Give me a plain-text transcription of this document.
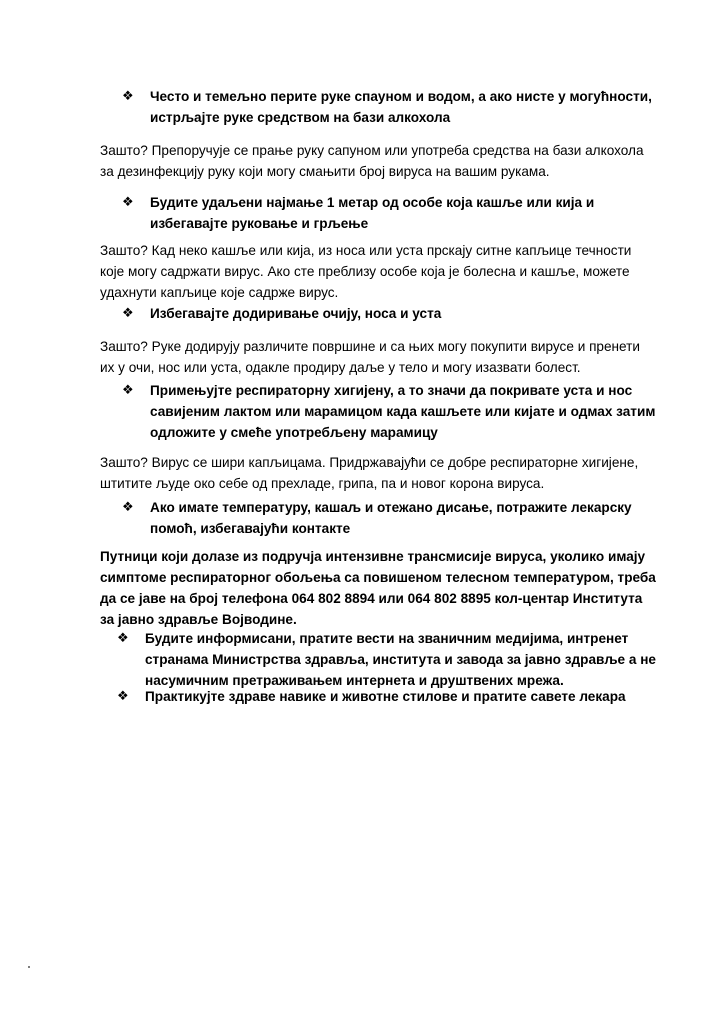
❖	Често и темељно перите руке спауном и водом, а ако нисте у могућности,
истрљајте руке средством на бази алкохола
Зашто? Препоручује се прање руку сапуном или употреба средства на бази алкохола
за дезинфекцију руку који могу смањити број вируса на вашим рукама.
❖	Будите удаљени најмање 1 метар од особе која кашље или кија и
избегавајте руковање и грљење
Зашто? Кад неко кашље или кија, из носа или уста прскају ситне капљице течности
које могу садржати вирус. Ако сте преблизу особе која је болесна и кашље, можете
удахнути капљице које садрже вирус.
❖	Избегавајте додиривање очију, носа и уста
Зашто? Руке додирују различите површине и са њих могу покупити вирусе и пренети
их у очи, нос или уста, одакле продиру даље у тело и могу изазвати болест.
❖	Примењујте респираторну хигијену, а то значи да покривате уста и нос
савијеним лактом или марамицом када кашљете или кијате и одмах затим
одложите у смеће употребљену марамицу
Зашто? Вирус се шири капљицама. Придржавајући се добре респираторне хигијене,
штитите људе око себе од прехладе, грипа, па и новог корона вируса.
❖	Ако имате температуру, кашаљ и отежано дисање, потражите лекарску
помоћ, избегавајући контакте
Путници који долазе из подручја интензивне трансмисије вируса, уколико имају
симптоме респираторног обољења са повишеном телесном температуром, треба
да се јаве на број телефона 064 802 8894 или 064 802 8895 кол-центар Института
за јавно здравље Војводине.
❖	Будите информисани, пратите вести на званичним медијима, интренет
странама Министрства здравља, института и завода за јавно здравље а не
насумичним претраживањем интернета и друштвених мрежа.
❖	Практикујте здраве навике и животне стилове и пратите савете лекара
